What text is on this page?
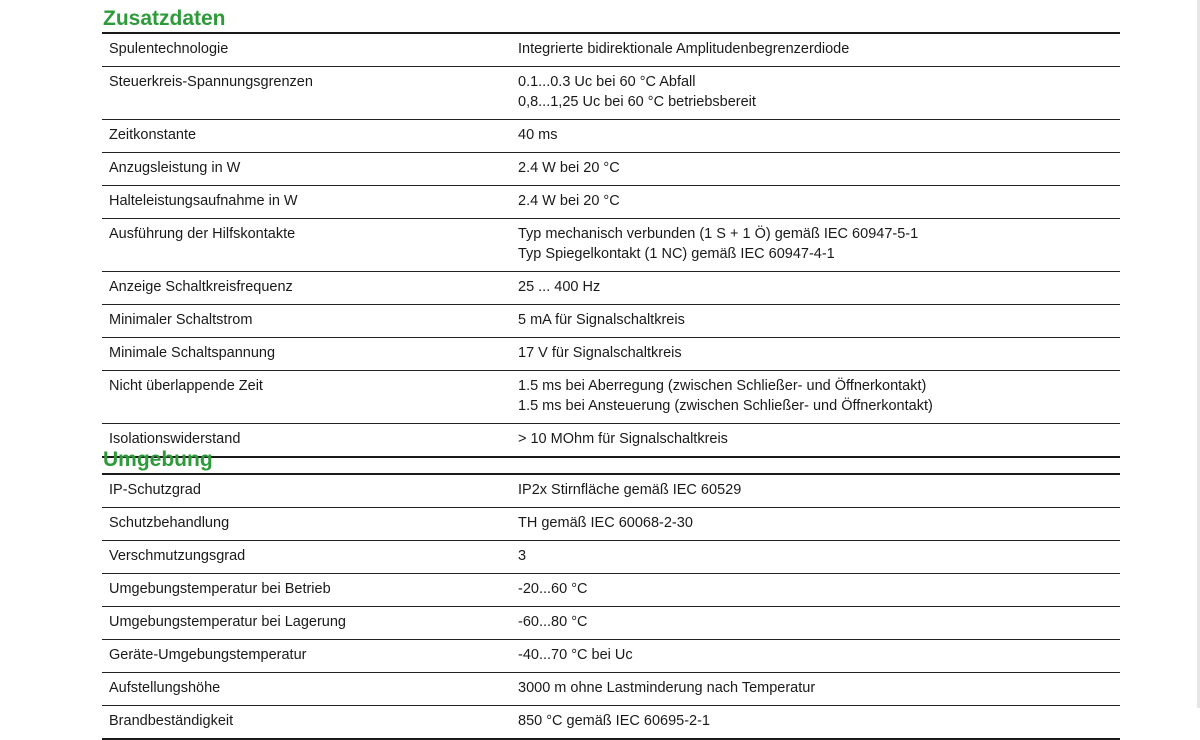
Zusatzdaten
Spulentechnologie	Integrierte bidirektionale Amplitudenbegrenzerdiode

Steuerkreis-Spannungsgrenzen	0.1...0.3 Uc bei 60 °C Abfall
0,8...1,25 Uc bei 60 °C betriebsbereit

Zeitkonstante	40 ms

Anzugsleistung in W	2.4 W bei 20 °C

Halteleistungsaufnahme in W	2.4 W bei 20 °C

Ausführung der Hilfskontakte	Typ mechanisch verbunden (1 S + 1 Ö) gemäß IEC 60947-5-1
Typ Spiegelkontakt (1 NC) gemäß IEC 60947-4-1

Anzeige Schaltkreisfrequenz	25 ... 400 Hz

Minimaler Schaltstrom	5 mA für Signalschaltkreis

Minimale Schaltspannung	17 V für Signalschaltkreis

Nicht überlappende Zeit	1.5 ms bei Aberregung (zwischen Schließer- und Öffnerkontakt)
1.5 ms bei Ansteuerung (zwischen Schließer- und Öffnerkontakt)

Isolationswiderstand	> 10 MOhm für Signalschaltkreis
Umgebung
IP-Schutzgrad	IP2x Stirnfläche gemäß IEC 60529

Schutzbehandlung	TH gemäß IEC 60068-2-30

Verschmutzungsgrad	3

Umgebungstemperatur bei Betrieb	-20...60 °C

Umgebungstemperatur bei Lagerung	-60...80 °C

Geräte-Umgebungstemperatur	-40...70 °C bei Uc

Aufstellungshöhe	3000 m ohne Lastminderung nach Temperatur

Brandbeständigkeit	850 °C gemäß IEC 60695-2-1
